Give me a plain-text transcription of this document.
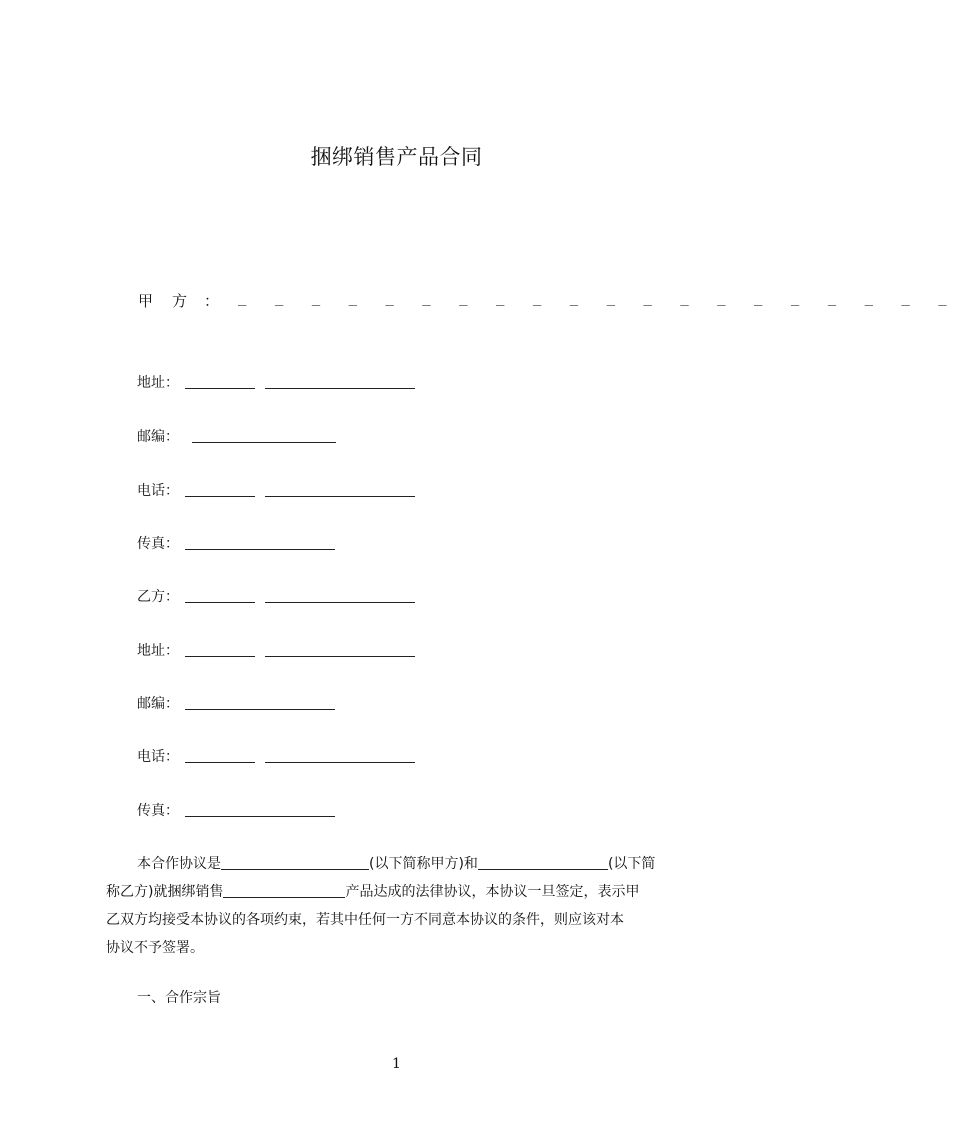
捆绑销售产品合同
甲 方 ： _ _ _ _ _ _ _ _ _ _ _ _ _ _ _ _ _ _ _ _
地址：
邮编：
电话：
传真：
乙方：
地址：
邮编：
电话：
传真：
本合作协议是	(以下简称甲方)和	(以下简
称乙方)就捆绑销售	产品达成的法律协议，本协议一旦签定，表示甲
乙双方均接受本协议的各项约束，若其中任何一方不同意本协议的条件，则应该对本
协议不予签署。
一、合作宗旨
1
